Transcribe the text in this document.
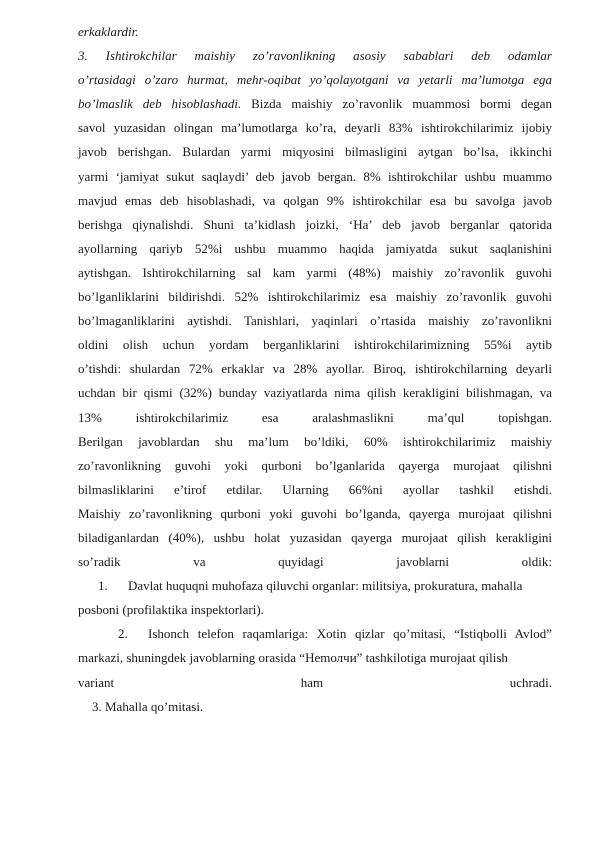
erkaklardir.
3. Ishtirokchilar maishiy zo’ravonlikning asosiy sabablari deb odamlar
o’rtasidagi o’zaro hurmat, mehr-oqibat yo’qolayotgani va yetarli ma’lumotga ega
bo’lmaslik deb hisoblashadi. Bizda maishiy zo’ravonlik muammosi bormi degan
savol yuzasidan olingan ma’lumotlarga ko’ra, deyarli 83% ishtirokchilarimiz ijobiy
javob berishgan. Bulardan yarmi miqyosini bilmasligini aytgan bo’lsa, ikkinchi
yarmi ‘jamiyat sukut saqlaydi’ deb javob bergan. 8% ishtirokchilar ushbu muammo
mavjud emas deb hisoblashadi, va qolgan 9% ishtirokchilar esa bu savolga javob
berishga qiynalishdi. Shuni ta’kidlash joizki, ‘Ha’ deb javob berganlar qatorida
ayollarning qariyb 52%i ushbu muammo haqida jamiyatda sukut saqlanishini
aytishgan. Ishtirokchilarning sal kam yarmi (48%) maishiy zo’ravonlik guvohi
bo’lganliklarini bildirishdi. 52% ishtirokchilarimiz esa maishiy zo’ravonlik guvohi
bo’lmaganliklarini aytishdi. Tanishlari, yaqinlari o’rtasida maishiy zo’ravonlikni
oldini olish uchun yordam berganliklarini ishtirokchilarimizning 55%i aytib
o’tishdi: shulardan 72% erkaklar va 28% ayollar. Biroq, ishtirokchilarning deyarli
uchdan bir qismi (32%) bunday vaziyatlarda nima qilish kerakligini bilishmagan, va
13% ishtirokchilarimiz esa aralashmaslikni ma’qul topishgan.
Berilgan javoblardan shu ma’lum bo’ldiki, 60% ishtirokchilarimiz maishiy
zo’ravonlikning guvohi yoki qurboni bo’lganlarida qayerga murojaat qilishni
bilmasliklarini e’tirof etdilar. Ularning 66%ni ayollar tashkil etishdi.
Maishiy zo’ravonlikning qurboni yoki guvohi bo’lganda, qayerga murojaat qilishni
biladiganlardan (40%), ushbu holat yuzasidan qayerga murojaat qilish kerakligini
so’radik va quyidagi javoblarni oldik:
1. Davlat huquqni muhofaza qiluvchi organlar: militsiya, prokuratura, mahalla
posboni (profilaktika inspektorlari).
2. Ishonch telefon raqamlariga: Xotin qizlar qo’mitasi, “Istiqbolli Avlod”
markazi, shuningdek javoblarning orasida “Неmолчи” tashkilotiga murojaat qilish
variant ham uchradi.
3. Mahalla qo’mitasi.
